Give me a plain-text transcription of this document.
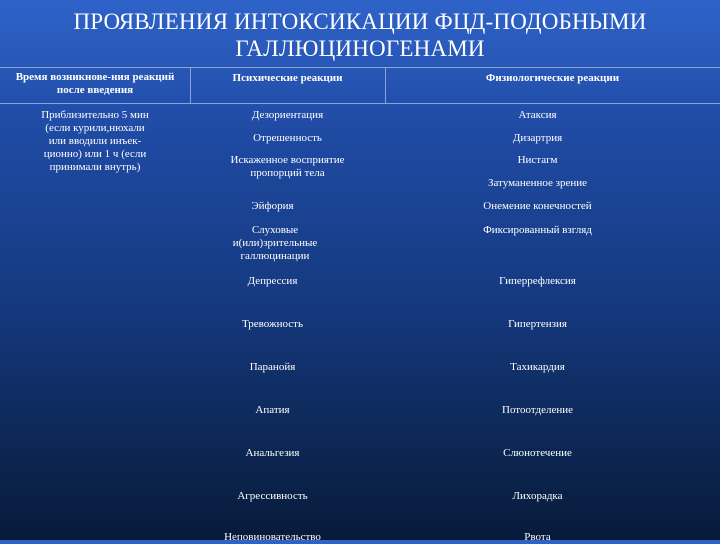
ПРОЯВЛЕНИЯ ИНТОКСИКАЦИИ ФЦД-ПОДОБНЫМИ
ГАЛЛЮЦИНОГЕНАМИ
Время возникнове-ния реакций
после введения
Психические реакции	Физиологические реакции
Приблизительно 5 мин
(если курили,нюхали
или вводили инъек-
ционно) или 1 ч (если
принимали внутрь)
Дезориентация
Отрешенность
Искаженное восприятие
пропорций тела
Эйфория
Слуховые
и(или)зрительные
галлюцинации
Депрессия
Тревожность
Паранойя
Апатия
Анальгезия
Агрессивность
Неповиновательство
Атаксия
Дизартрия
Нистагм
Затуманенное зрение
Онемение конечностей
Фиксированный взгляд
Гиперрефлексия
Гипертензия
Тахикардия
Потоотделение
Слюнотечение
Лихорадка
Рвота
